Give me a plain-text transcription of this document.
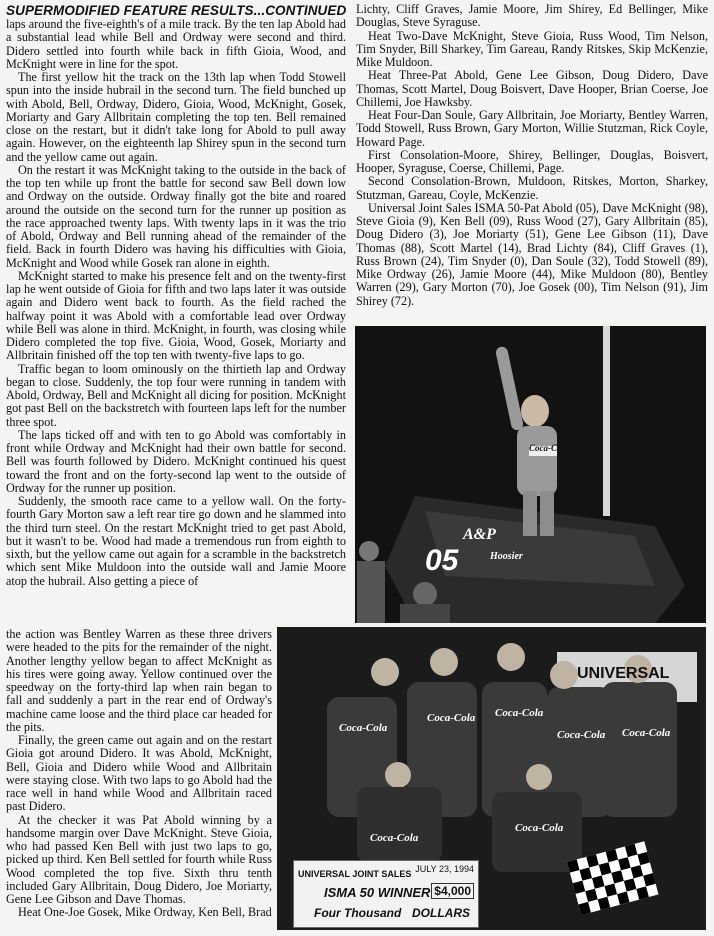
SUPERMODIFIED FEATURE RESULTS...CONTINUED

laps around the five-eighth's of a mile track. By the ten lap Abold had a substantial lead while Bell and Ordway were second and third. Didero settled into fourth while back in fifth Gioia, Wood, and McKnight were in line for the spot.

The first yellow hit the track on the 13th lap when Todd Stowell spun into the inside hubrail in the second turn. The field bunched up with Abold, Bell, Ordway, Didero, Gioia, Wood, McKnight, Gosek, Moriarty and Gary Allbritain completing the top ten. Bell remained close on the restart, but it didn't take long for Abold to pull away again. However, on the eighteenth lap Shirey spun in the second turn and the yellow came out again.

On the restart it was McKnight taking to the outside in the back of the top ten while up front the battle for second saw Bell down low and Ordway on the outside. Ordway finally got the bite and roared around the outside on the second turn for the runner up position as the race approached twenty laps. With twenty laps in it was the trio of Abold, Ordway and Bell running ahead of the remainder of the field. Back in fourth Didero was having his difficulties with Gioia, McKnight and Wood while Gosek ran alone in eighth.

McKnight started to make his presence felt and on the twenty-first lap he went outside of Gioia for fifth and two laps later it was outside again and Didero went back to fourth. As the field rached the halfway point it was Abold with a comfortable lead over Ordway while Bell was alone in third. McKnight, in fourth, was closing while Didero completed the top five. Gioia, Wood, Gosek, Moriarty and Allbritain finished off the top ten with twenty-five laps to go.

Traffic began to loom ominously on the thirtieth lap and Ordway began to close. Suddenly, the top four were running in tandem with Abold, Ordway, Bell and McKnight all dicing for position. McKnight got past Bell on the backstretch with fourteen laps left for the number three spot.

The laps ticked off and with ten to go Abold was comfortably in front while Ordway and McKnight had their own battle for second. Bell was fourth followed by Didero. McKnight continued his quest toward the front and on the forty-second lap went to the outside of Ordway for the runner up position.

Suddenly, the smooth race came to a yellow wall. On the forty-fourth Gary Morton saw a left rear tire go down and he slammed into the third turn steel. On the restart McKnight tried to get past Abold, but it wasn't to be. Wood had made a tremendous run from eighth to sixth, but the yellow came out again for a scramble in the backstretch which sent Mike Muldoon into the outside wall and Jamie Moore atop the hubrail. Also getting a piece of

the action was Bentley Warren as these three drivers were headed to the pits for the remainder of the night. Another lengthy yellow began to affect McKnight as his tires were going away. Yellow continued over the speedway on the forty-third lap when rain began to fall and suddenly a part in the rear end of Ordway's machine came loose and the third place car headed for the pits.

Finally, the green came out again and on the restart Gioia got around Didero. It was Abold, McKnight, Bell, Gioia and Didero while Wood and Allbritain were staying close. With two laps to go Abold had the race well in hand while Wood and Allbritain raced past Didero.

At the checker it was Pat Abold winning by a handsome margin over Dave McKnight. Steve Gioia, who had passed Ken Bell with just two laps to go, picked up third. Ken Bell settled for fourth while Russ Wood completed the top five. Sixth thru tenth included Gary Allbritain, Doug Didero, Joe Moriarty, Gene Lee Gibson and Dave Thomas.

Heat One-Joe Gosek, Mike Ordway, Ken Bell, Brad

Lichty, Cliff Graves, Jamie Moore, Jim Shirey, Ed Bellinger, Mike Douglas, Steve Syraguse.

Heat Two-Dave McKnight, Steve Gioia, Russ Wood, Tim Nelson, Tim Snyder, Bill Sharkey, Tim Gareau, Randy Ritskes, Skip McKenzie, Mike Muldoon.

Heat Three-Pat Abold, Gene Lee Gibson, Doug Didero, Dave Thomas, Scott Martel, Doug Boisvert, Dave Hooper, Brian Coerse, Joe Chillemi, Joe Hawksby.

Heat Four-Dan Soule, Gary Allbritain, Joe Moriarty, Bentley Warren, Todd Stowell, Russ Brown, Gary Morton, Willie Stutzman, Rick Coyle, Howard Page.

First Consolation-Moore, Shirey, Bellinger, Douglas, Boisvert, Hooper, Syraguse, Coerse, Chillemi, Page.

Second Consolation-Brown, Muldoon, Ritskes, Morton, Sharkey, Stutzman, Gareau, Coyle, McKenzie.

Universal Joint Sales ISMA 50-Pat Abold (05), Dave McKnight (98), Steve Gioia (9), Ken Bell (09), Russ Wood (27), Gary Allbritain (85), Doug Didero (3), Joe Moriarty (51), Gene Lee Gibson (11), Dave Thomas (88), Scott Martel (14), Brad Lichty (84), Cliff Graves (1), Russ Brown (24), Tim Snyder (0), Dan Soule (32), Todd Stowell (89), Mike Ordway (26), Jamie Moore (44), Mike Muldoon (80), Bentley Warren (29), Gary Morton (70), Joe Gosek (00), Tim Nelson (91), Jim Shirey (72).

Coca-Cola
A&P
05	Hoosier
UNIVERSAL
Coca-Cola
Coca-Cola Coca-Cola
Coca-Cola Coca-Cola
Coca-Cola
Coca-Cola
UNIVERSAL JOINT SALES JULY 23, 1994
ISMA 50 WINNER $4,000
Four Thousand DOLLARS
